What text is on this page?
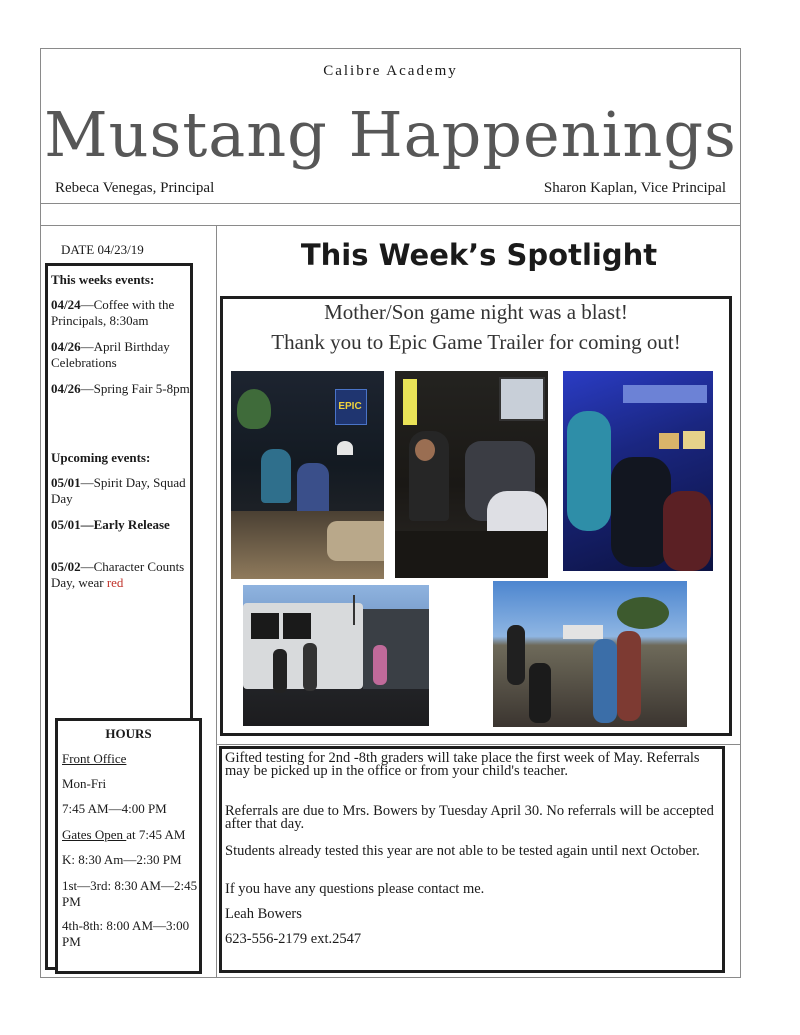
Calibre Academy
Mustang Happenings
Rebeca Venegas, Principal	Sharon Kaplan, Vice Principal
DATE 04/23/19
This weeks events:
04/24—Coffee with the Principals, 8:30am
04/26—April Birthday Celebrations
04/26—Spring Fair 5-8pm
Upcoming events:
05/01—Spirit Day, Squad Day
05/01—Early Release
05/02—Character Counts Day, wear red
HOURS
Front Office
Mon-Fri
7:45 AM—4:00 PM
Gates Open at 7:45 AM
K: 8:30 Am—2:30 PM
1st—3rd: 8:30 AM—2:45 PM
4th-8th: 8:00 AM—3:00 PM
This Week’s Spotlight
Mother/Son game night was a blast!
Thank you to Epic Game Trailer for coming out!
EPIC
Gifted testing for 2nd -8th graders will take place the first week of May. Referrals may be picked up in the office or from your child's teacher.
Referrals are due to Mrs. Bowers by Tuesday April 30. No referrals will be accepted after that day.
Students already tested this year are not able to be tested again until next October.
If you have any questions please contact me.
Leah Bowers
623-556-2179 ext.2547
